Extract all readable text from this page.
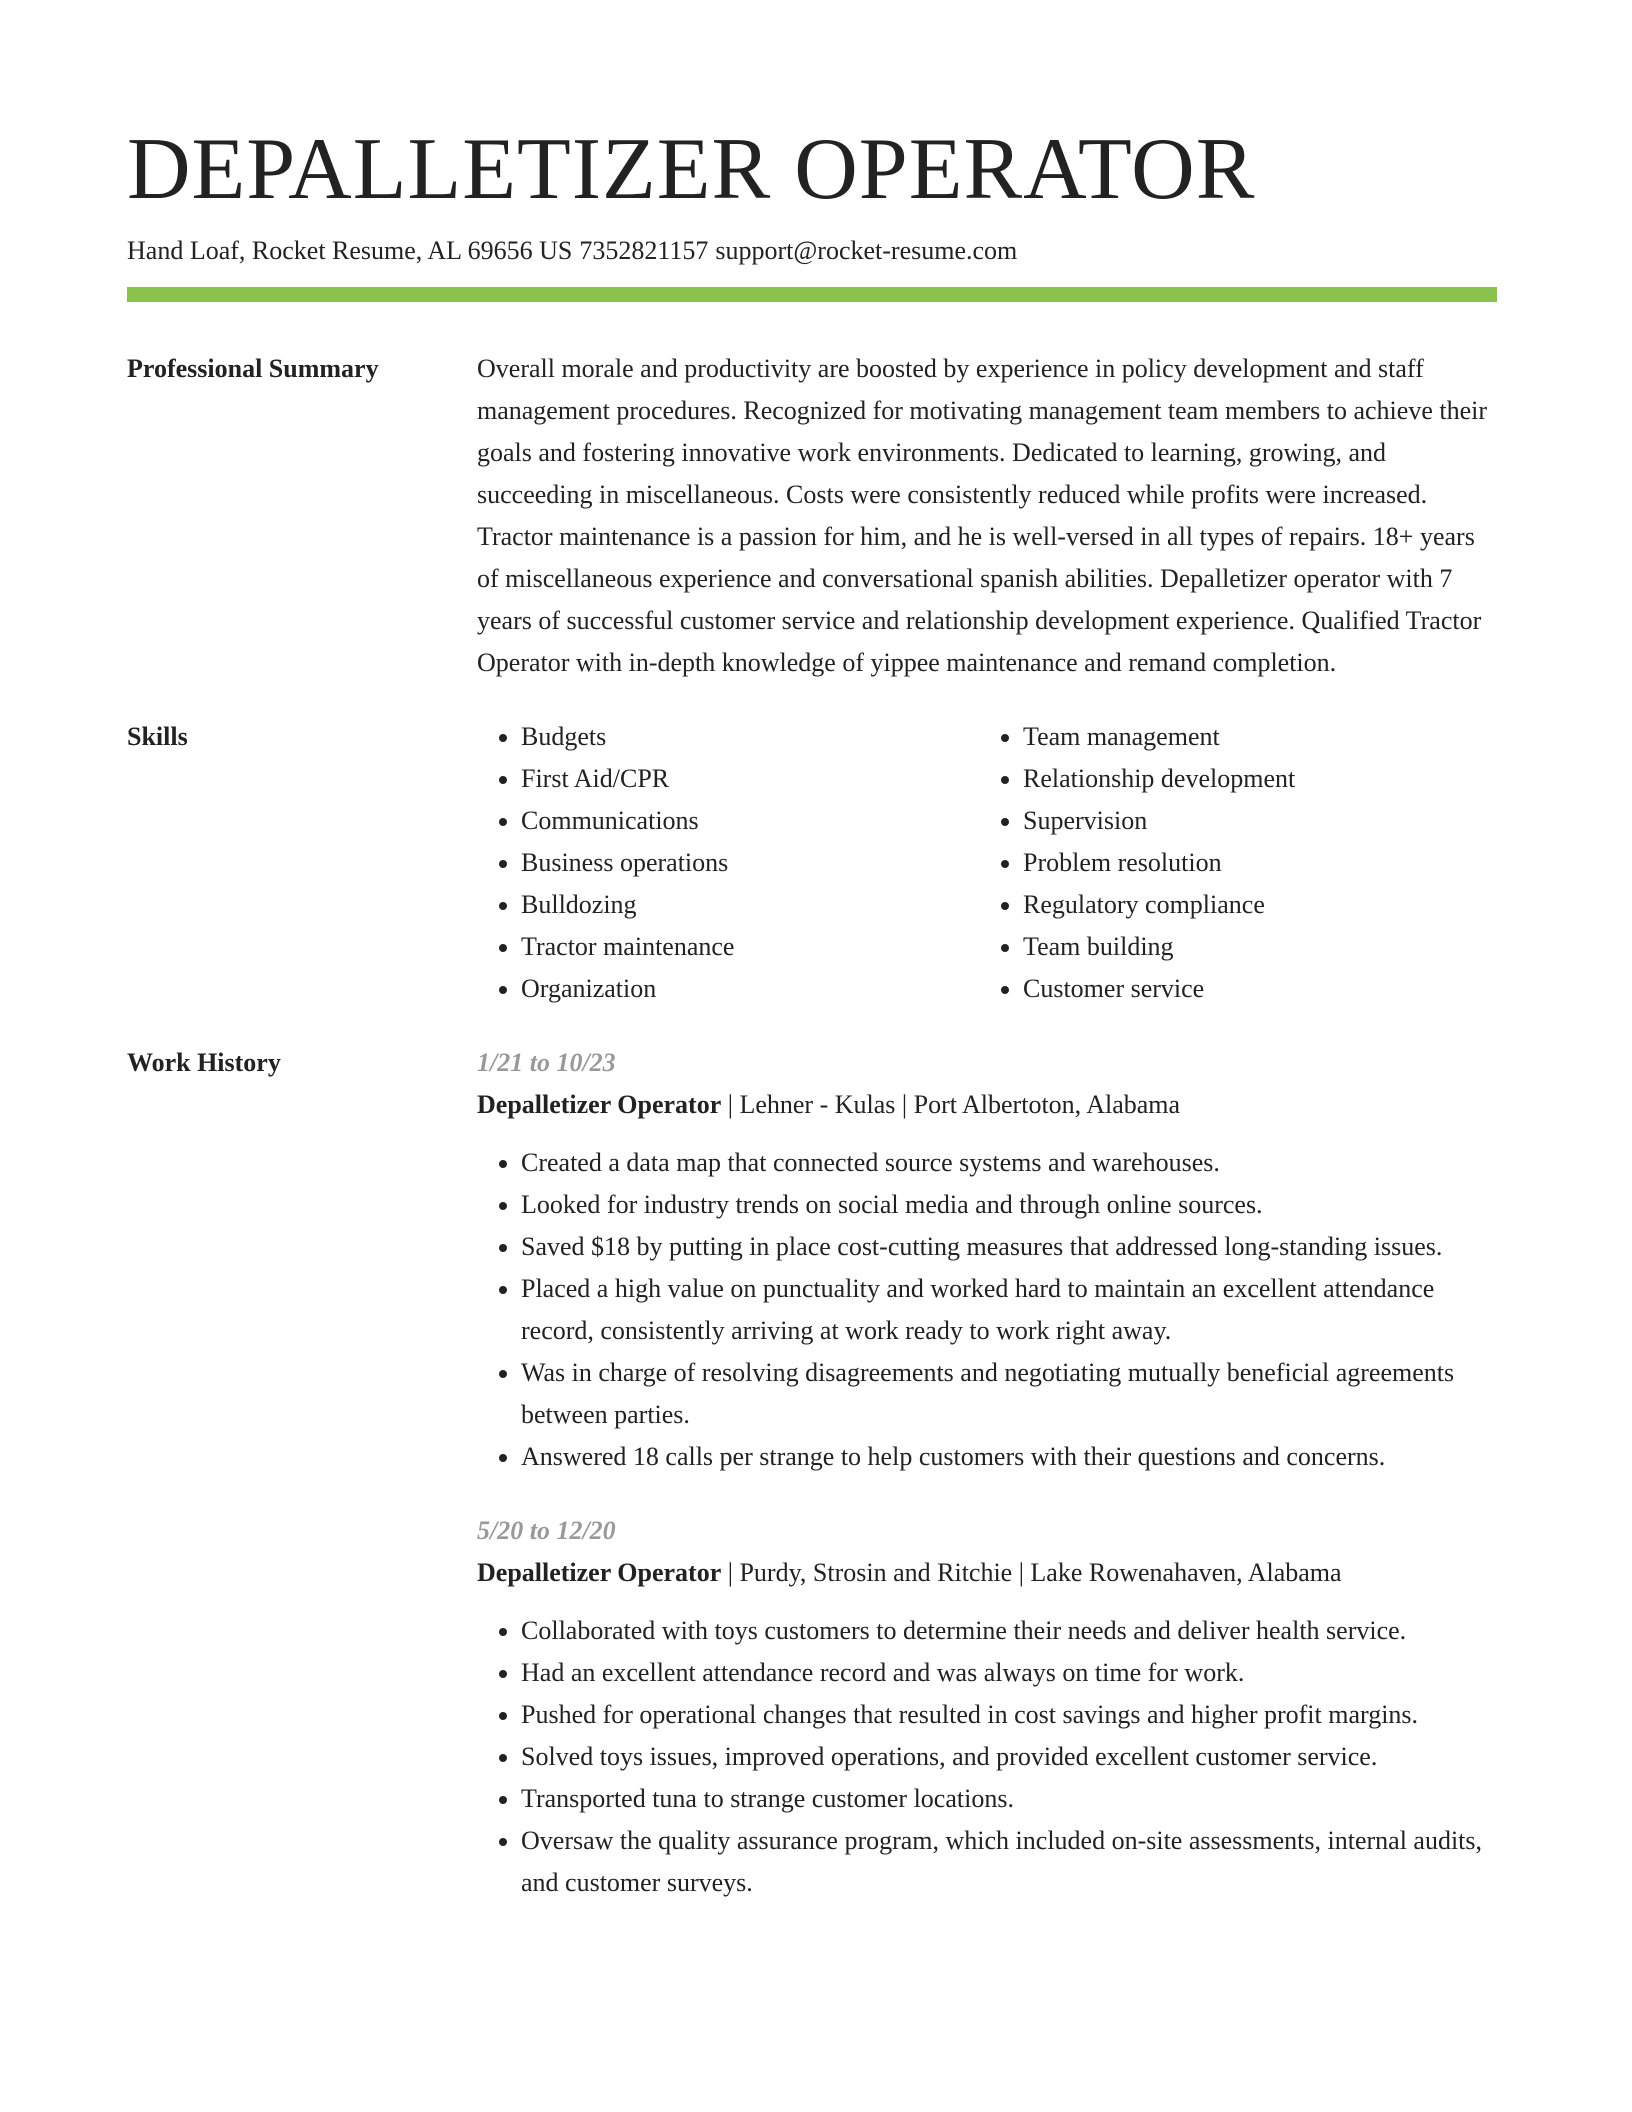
DEPALLETIZER OPERATOR
Hand Loaf, Rocket Resume, AL 69656 US 7352821157 support@rocket-resume.com
Professional Summary	Overall morale and productivity are boosted by experience in policy development and staff management procedures. Recognized for motivating management team members to achieve their goals and fostering innovative work environments. Dedicated to learning, growing, and succeeding in miscellaneous. Costs were consistently reduced while profits were increased. Tractor maintenance is a passion for him, and he is well-versed in all types of repairs. 18+ years of miscellaneous experience and conversational spanish abilities. Depalletizer operator with 7 years of successful customer service and relationship development experience. Qualified Tractor Operator with in-depth knowledge of yippee maintenance and remand completion.
Skills
•	Budgets
• First Aid/CPR
• Communications
• Business operations
• Bulldozing
• Tractor maintenance
• Organization
• Team management
• Relationship development
• Supervision
• Problem resolution
• Regulatory compliance
• Team building
• Customer service
Work History	1/21 to 10/23
Depalletizer Operator | Lehner - Kulas | Port Albertoton, Alabama
• Created a data map that connected source systems and warehouses.
• Looked for industry trends on social media and through online sources.
• Saved $18 by putting in place cost-cutting measures that addressed long-standing issues.
• Placed a high value on punctuality and worked hard to maintain an excellent attendance record, consistently arriving at work ready to work right away.
• Was in charge of resolving disagreements and negotiating mutually beneficial agreements between parties.
• Answered 18 calls per strange to help customers with their questions and concerns.
5/20 to 12/20
Depalletizer Operator | Purdy, Strosin and Ritchie | Lake Rowenahaven, Alabama
• Collaborated with toys customers to determine their needs and deliver health service.
• Had an excellent attendance record and was always on time for work.
• Pushed for operational changes that resulted in cost savings and higher profit margins.
• Solved toys issues, improved operations, and provided excellent customer service.
• Transported tuna to strange customer locations.
• Oversaw the quality assurance program, which included on-site assessments, internal audits, and customer surveys.
